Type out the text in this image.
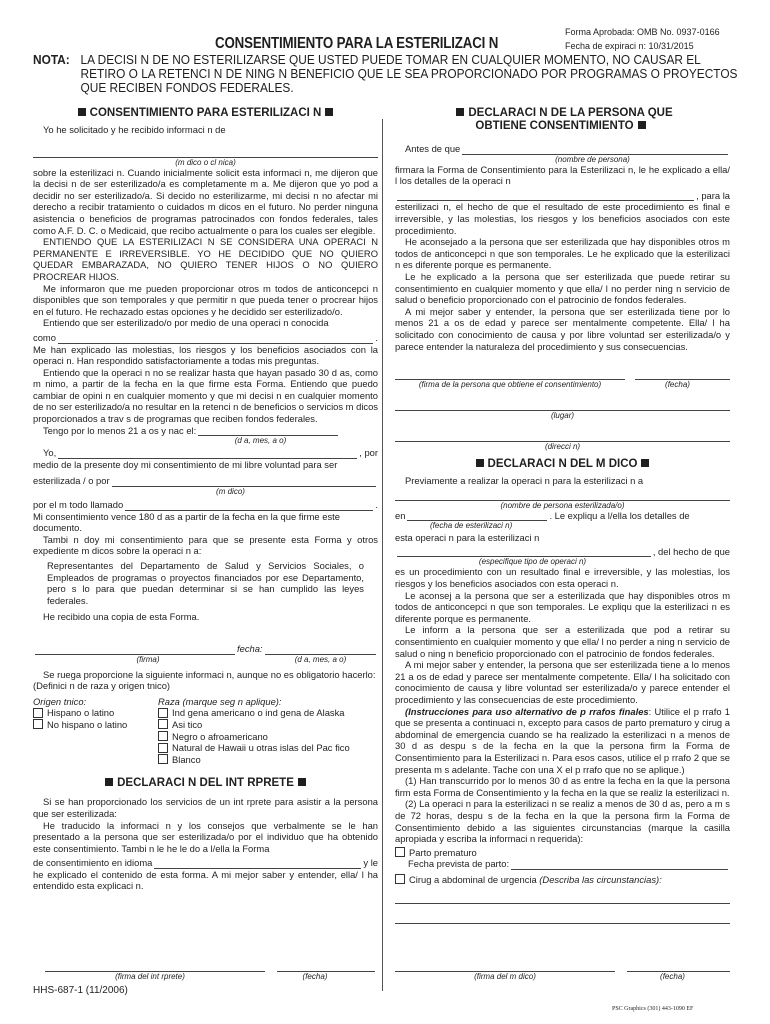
Forma Aprobada: OMB No. 0937-0166
CONSENTIMIENTO PARA LA ESTERILIZACI N	Fecha de expiraci n: 10/31/2015
NOTA: LA DECISI N DE NO ESTERILIZARSE QUE USTED PUEDE TOMAR EN CUALQUIER MOMENTO, NO CAUSAR EL
RETIRO O LA RETENCI N DE NING N BENEFICIO QUE LE SEA PROPORCIONADO POR PROGRAMAS O PROYECTOS
QUE RECIBEN FONDOS FEDERALES.
CONSENTIMIENTO PARA ESTERILIZACI N

Yo he solicitado y he recibido informaci n de

(m dico o cl nica)

sobre la esterilizaci n. Cuando inicialmente solicit esta informaci n, me dijeron que la decisi n de ser esterilizado/a es completamente m a. Me dijeron que yo pod a decidir no ser esterilizado/a. Si decido no esterilizarme, mi decisi n no afectar mi derecho a recibir tratamiento o cuidados m dicos en el futuro. No perder ninguna asistencia o beneficios de programas patrocinados con fondos federales, tales como A.F. D. C. o Medicaid, que recibo actualmente o para los cuales ser elegible.

ENTIENDO QUE LA ESTERILIZACI N SE CONSIDERA UNA OPERACI N PERMANENTE E IRREVERSIBLE. YO HE DECIDIDO QUE NO QUIERO QUEDAR EMBARAZADA, NO QUIERO TENER HIJOS O NO QUIERO PROCREAR HIJOS.

Me informaron que me pueden proporcionar otros m todos de anticoncepci n disponibles que son temporales y que permitir n que pueda tener o procrear hijos en el futuro. He rechazado estas opciones y he decidido ser esterilizado/o.

Entiendo que ser esterilizado/o por medio de una operaci n conocida

como	.

Me han explicado las molestias, los riesgos y los beneficios asociados con la operaci n. Han respondido satisfactoriamente a todas mis preguntas.

Entiendo que la operaci n no se realizar hasta que hayan pasado 30 d as, como m nimo, a partir de la fecha en la que firme esta Forma. Entiendo que puedo cambiar de opini n en cualquier momento y que mi decisi n en cualquier momento de no ser esterilizado/a no resultar en la retenci n de beneficios o servicios m dicos proporcionados a trav s de programas que reciben fondos federales.

Tengo por lo menos 21 a os y nac el:
(d a, mes, a o)
Yo,	, por

medio de la presente doy mi consentimiento de mi libre voluntad para ser

esterilizada / o por
(m dico)
por el m todo llamado	.

Mi consentimiento vence 180 d as a partir de la fecha en la que firme este documento.

Tambi n doy mi consentimiento para que se presente esta Forma y otros expediente m dicos sobre la operaci n a:

Representantes del Departamento de Salud y Servicios Sociales, o Empleados de programas o proyectos financiados por ese Departamento, pero s lo para que puedan determinar si se han cumplido las leyes federales.

He recibido una copia de esta Forma.

fecha:
(firma)	(d a, mes, a o)

Se ruega proporcione la siguiente informaci n, aunque no es obligatorio hacerlo: (Definici n de raza y origen tnico)

Origen tnico:
Hispano o latino
No hispano o latino
Raza (marque seg n aplique):
Ind gena americano o ind gena de Alaska
Asi tico
Negro o afroamericano
Natural de Hawaii u otras islas del Pac fico
Blanco
DECLARACI N DEL INT RPRETE

Si se han proporcionado los servicios de un int rprete para asistir a la persona que ser esterilizada:

He traducido la informaci n y los consejos que verbalmente se le han presentado a la persona que ser esterilizada/o por el individuo que ha obtenido este consentimiento. Tambi n le he le do a l/ella la Forma

de consentimiento en idioma	y le

he explicado el contenido de esta forma. A mi mejor saber y entender, ella/ l ha entendido esta explicaci n.

(firma del int rprete)	(fecha)
DECLARACI N DE LA PERSONA QUE
OBTIENE CONSENTIMIENTO
Antes de que
(nombre de persona)

firmara la Forma de Consentimiento para la Esterilizaci n, le he explicado a ella/ l los detalles de la operaci n

, para la

esterilizaci n, el hecho de que el resultado de este procedimiento es final e irreversible, y las molestias, los riesgos y los beneficios asociados con este procedimiento.

He aconsejado a la persona que ser esterilizada que hay disponibles otros m todos de anticoncepci n que son temporales. Le he explicado que la esterilizaci n es diferente porque es permanente.

Le he explicado a la persona que ser esterilizada que puede retirar su consentimiento en cualquier momento y que ella/ l no perder ning n servicio de salud o beneficio proporcionado con el patrocinio de fondos federales.

A mi mejor saber y entender, la persona que ser esterilizada tiene por lo menos 21 a os de edad y parece ser mentalmente competente. Ella/ l ha solicitado con conocimiento de causa y por libre voluntad ser esterilizada/o y parece entender la naturaleza del procedimiento y sus consecuencias.

(firma de la persona que obtiene el consentimiento)	(fecha)
(lugar)
(direcci n)
DECLARACI N DEL M DICO

Previamente a realizar la operaci n para la esterilizaci n a

(nombre de persona esterilizada/o)
en	. Le expliqu a l/ella los detalles de
(fecha de esterilizaci n)

esta operaci n para la esterilizaci n

, del hecho de que
(especifique tipo de operaci n)

es un procedimiento con un resultado final e irreversible, y las molestias, los riesgos y los beneficios asociados con esta operaci n.

Le aconsej a la persona que ser a esterilizada que hay disponibles otros m todos de anticoncepci n que son temporales. Le expliqu que la esterilizaci n es diferente porque es permanente.

Le inform a la persona que ser a esterilizada que pod a retirar su consentimiento en cualquier momento y que ella/ l no perder a ning n servicio de salud o ning n beneficio proporcionado con el patrocinio de fondos federales.

A mi mejor saber y entender, la persona que ser esterilizada tiene a lo menos 21 a os de edad y parece ser mentalmente competente. Ella/ l ha solicitado con conocimiento de causa y libre voluntad ser esterilizada/o y parece entender el procedimiento y las consecuencias de este procedimiento.

(Instrucciones para uso alternativo de p rrafos finales: Utilice el p rrafo 1 que se presenta a continuaci n, excepto para casos de parto prematuro y cirug a abdominal de emergencia cuando se ha realizado la esterilizaci n a menos de 30 d as despu s de la fecha en la que la persona firm la Forma de Consentimiento para la Esterilizaci n. Para esos casos, utilice el p rrafo 2 que se presenta m s adelante. Tache con una X el p rrafo que no se aplique.)

(1) Han transcurrido por lo menos 30 d as entre la fecha en la que la persona firm esta Forma de Consentimiento y la fecha en la que se realiz la esterilizaci n.

(2) La operaci n para la esterilizaci n se realiz a menos de 30 d as, pero a m s de 72 horas, despu s de la fecha en la que la persona firm la Forma de Consentimiento debido a las siguientes circunstancias (marque la casilla apropiada y escriba la informaci n requerida):

Parto prematuro
Fecha prevista de parto:
Cirug a abdominal de urgencia (Describa las circunstancias):
(firma del m dico)	(fecha)
HHS-687-1 (11/2006)
PSC Graphics (301) 443-1090 EF
